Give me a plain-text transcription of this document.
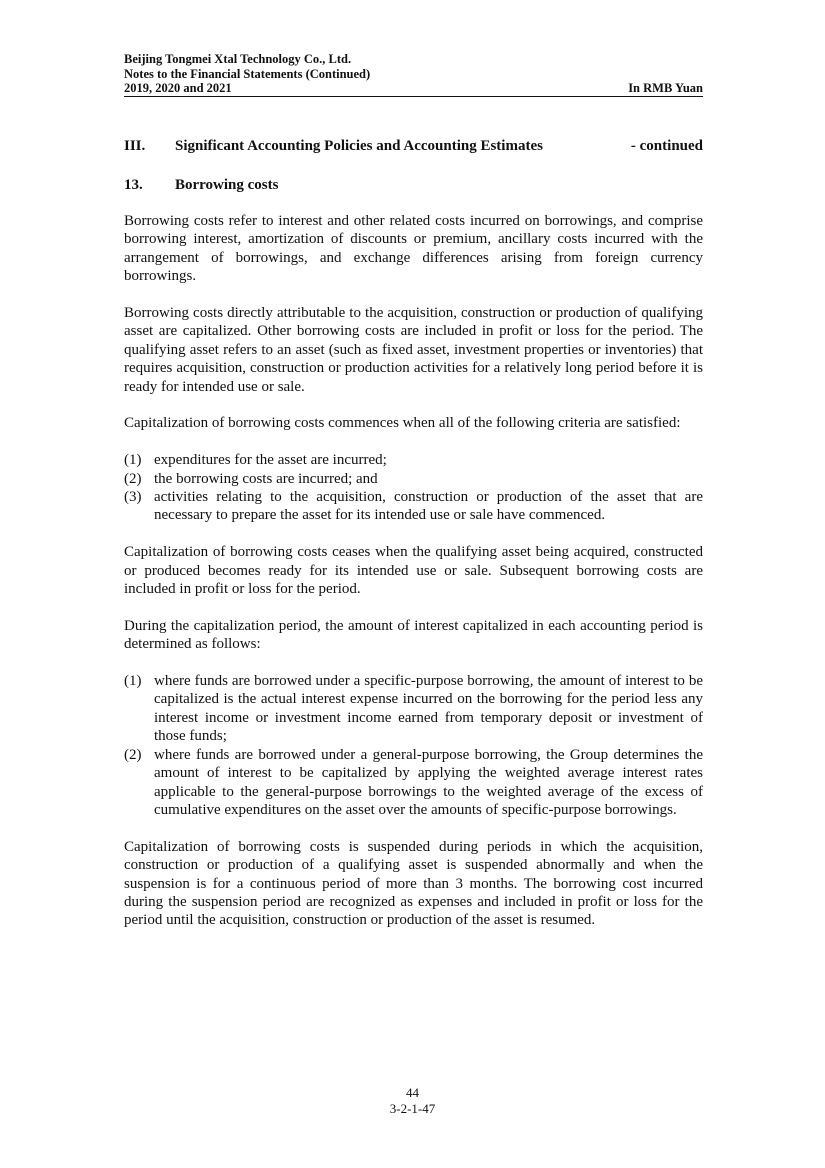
Beijing Tongmei Xtal Technology Co., Ltd.
Notes to the Financial Statements (Continued)
2019, 2020 and 2021	In RMB Yuan
III.	Significant Accounting Policies and Accounting Estimates	- continued
13.	Borrowing costs

Borrowing costs refer to interest and other related costs incurred on borrowings, and comprise borrowing interest, amortization of discounts or premium, ancillary costs incurred with the arrangement of borrowings, and exchange differences arising from foreign currency borrowings.

Borrowing costs directly attributable to the acquisition, construction or production of qualifying asset are capitalized. Other borrowing costs are included in profit or loss for the period. The qualifying asset refers to an asset (such as fixed asset, investment properties or inventories) that requires acquisition, construction or production activities for a relatively long period before it is ready for intended use or sale.

Capitalization of borrowing costs commences when all of the following criteria are satisfied:

(1) expenditures for the asset are incurred;
(2) the borrowing costs are incurred; and
(3) activities relating to the acquisition, construction or production of the asset that are necessary to prepare the asset for its intended use or sale have commenced.

Capitalization of borrowing costs ceases when the qualifying asset being acquired, constructed or produced becomes ready for its intended use or sale. Subsequent borrowing costs are included in profit or loss for the period.

During the capitalization period, the amount of interest capitalized in each accounting period is determined as follows:

(1) where funds are borrowed under a specific-purpose borrowing, the amount of interest to be capitalized is the actual interest expense incurred on the borrowing for the period less any interest income or investment income earned from temporary deposit or investment of those funds;
(2) where funds are borrowed under a general-purpose borrowing, the Group determines the amount of interest to be capitalized by applying the weighted average interest rates applicable to the general-purpose borrowings to the weighted average of the excess of cumulative expenditures on the asset over the amounts of specific-purpose borrowings.

Capitalization of borrowing costs is suspended during periods in which the acquisition, construction or production of a qualifying asset is suspended abnormally and when the suspension is for a continuous period of more than 3 months. The borrowing cost incurred during the suspension period are recognized as expenses and included in profit or loss for the period until the acquisition, construction or production of the asset is resumed.

44
3-2-1-47
